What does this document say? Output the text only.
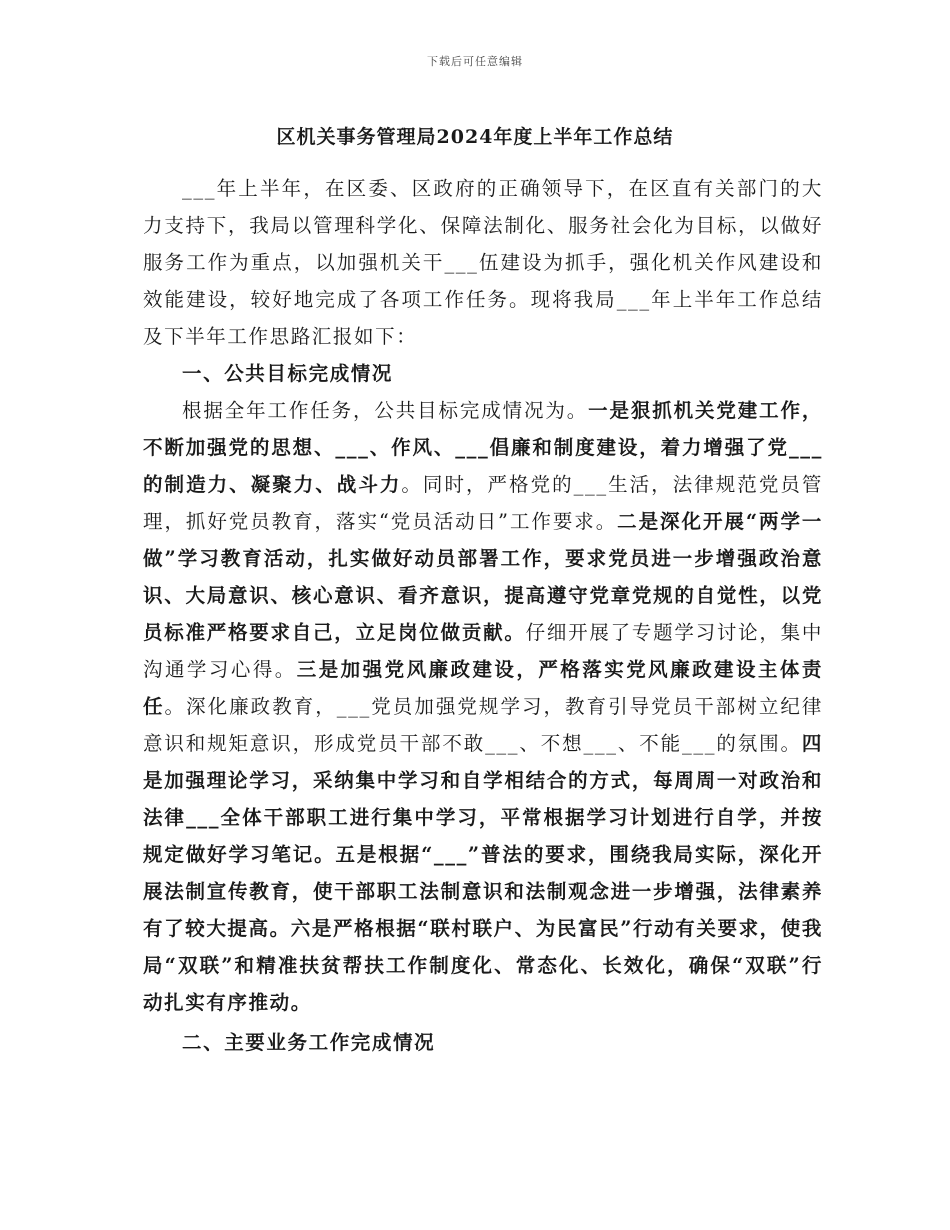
下载后可任意编辑
区机关事务管理局2024年度上半年工作总结

___年上半年，在区委、区政府的正确领导下，在区直有关部门的大力支持下，我局以管理科学化、保障法制化、服务社会化为目标，以做好服务工作为重点，以加强机关干___伍建设为抓手，强化机关作风建设和效能建设，较好地完成了各项工作任务。现将我局___年上半年工作总结及下半年工作思路汇报如下：

一、公共目标完成情况

根据全年工作任务，公共目标完成情况为。一是狠抓机关党建工作，不断加强党的思想、___、作风、___倡廉和制度建设，着力增强了党___的制造力、凝聚力、战斗力。同时，严格党的___生活，法律规范党员管理，抓好党员教育，落实“党员活动日”工作要求。二是深化开展“两学一做”学习教育活动，扎实做好动员部署工作，要求党员进一步增强政治意识、大局意识、核心意识、看齐意识，提高遵守党章党规的自觉性，以党员标准严格要求自己，立足岗位做贡献。仔细开展了专题学习讨论，集中沟通学习心得。三是加强党风廉政建设，严格落实党风廉政建设主体责任。深化廉政教育，___党员加强党规学习，教育引导党员干部树立纪律意识和规矩意识，形成党员干部不敢___、不想___、不能___的氛围。四是加强理论学习，采纳集中学习和自学相结合的方式，每周周一对政治和法律___全体干部职工进行集中学习，平常根据学习计划进行自学，并按规定做好学习笔记。五是根据“___”普法的要求，围绕我局实际，深化开展法制宣传教育，使干部职工法制意识和法制观念进一步增强，法律素养有了较大提高。六是严格根据“联村联户、为民富民”行动有关要求，使我局“双联”和精准扶贫帮扶工作制度化、常态化、长效化，确保“双联”行动扎实有序推动。

二、主要业务工作完成情况
